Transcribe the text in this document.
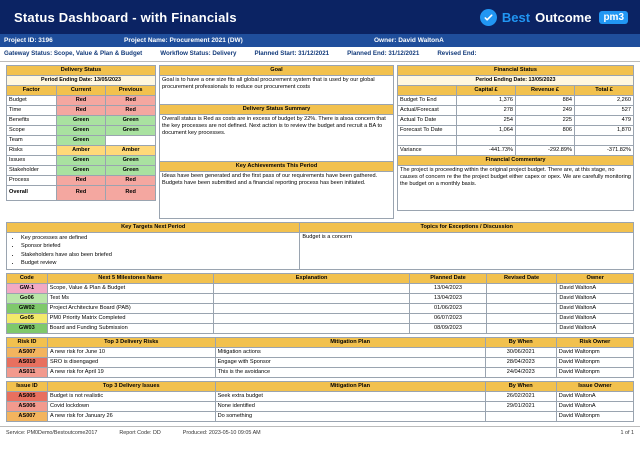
Status Dashboard - with Financials	Best Outcome	pm3
Project ID: 3196	Project Name: Procurement 2021 (DW)	Owner: David WaltonA
Gateway Status: Scope, Value & Plan & Budget	Workflow Status: Delivery	Planned Start: 31/12/2021	Planned End: 31/12/2021	Revised End:
Delivery Status		
Period Ending Date: 13/05/2023		
Factor	Current	Previous
Budget	Red	Red
Time	Red	Red
Benefits	Green	Green
Scope	Green	Green
Team	Green	
Risks	Amber	Amber
Issues	Green	Green
Stakeholder	Green	Green
Process	Red	Red
Overall	Red	Red
Goal
Goal is to have a one size fits all global procurement system that is used by our global procurement professionals to reduce our procurement costs
Delivery Status Summary
Overall status is Red as costs are in excess of budget by 22%. There is alsoa concern that the key processes are not defined. Next action is to review the budget and recruit a BA to document key processes.
Key Achievements This Period
Ideas have been generated and the first pass of our requirements have been gathered. Budgets have been submitted and a financial reporting process has been initiated.
Financial Status			
Period Ending Date: 13/05/2023			
	Capital £	Revenue £	Total £
Budget To End	1,376	884	2,260
Actual/Forecast	278	249	527
Actual To Date	254	225	479
Forecast To Date	1,064	806	1,870

Variance	-441.73%	-292.89%	-371.82%
Financial Commentary			
The project is proceeding within the original project budget. There are, at this stage, no causes of concern re the the project budget either capex or opex. We are carefully monitoring the budget on a monthly basis.			
Key Targets Next Period	Topics for Exceptions / Discussion

• Key processes are defined
• Sponsor briefed
• Stakeholders have also been briefed
• Budget review
	Budget is a concern
Code	Next 5 Milestones Name	Explanation	Planned Date	Revised Date	Owner
GW-1	Scope, Value & Plan & Budget		13/04/2023		David WaltonA
Go06	Test Ms		13/04/2023		David WaltonA
GW02	Project Architecture Board (PAB)		01/06/2023		David WaltonA
Go05	PM0 Priority Matrix Completed		06/07/2023		David WaltonA
GW03	Board and Funding Submission		08/09/2023		David WaltonA
Risk ID	Top 3 Delivery Risks	Mitigation Plan	By When	Risk Owner
AS007	A new risk for June 10	Mitigation actions	30/06/2021	David Waltonpm
AS010	SRO is disengaged	Engage with Sponsor	28/04/2023	David Waltonpm
AS011	A new risk for April 19	This is the avoidance	24/04/2023	David Waltonpm
Issue ID	Top 3 Delivery Issues	Mitigation Plan	By When	Issue Owner
AS005	Budget is not realistic	Seek extra budget	26/02/2021	David WaltonA
AS006	Covid lockdown	None identified	29/01/2021	David WaltonA
AS007	A new risk for January 26	Do something		David Waltonpm
Service: PM0Demo/Bestoutcome2017	Report Code: DD	Produced: 2023-05-10 09:05 AM	1 of 1
